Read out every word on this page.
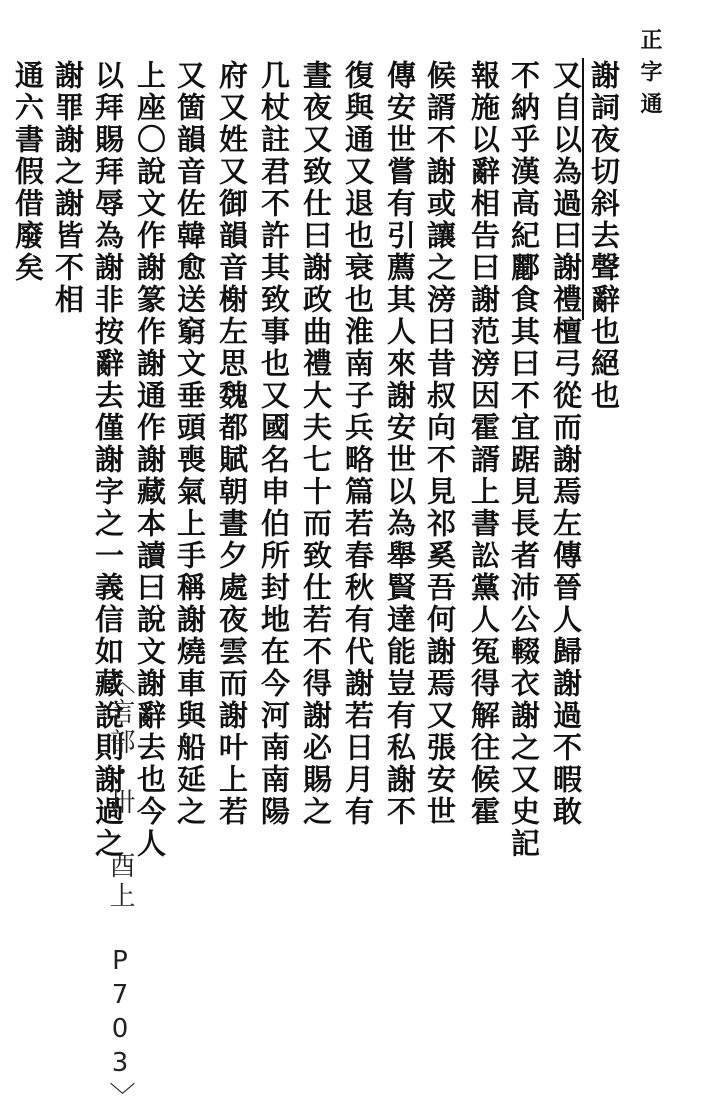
正字通
謝詞夜切斜去聲辭也絕也
又自以為過曰謝禮檀弓從而謝焉左傳晉人歸謝過不暇敢
不納乎漢高紀酈食其曰不宜踞見長者沛公輟衣謝之又史記
報施以辭相告曰謝范滂因霍諝上書訟黨人冤得解往候霍
候諝不謝或讓之滂曰昔叔向不見祁奚吾何謝焉又張安世
傳安世嘗有引薦其人來謝安世以為舉賢達能豈有私謝不
復與通又退也衰也淮南子兵略篇若春秋有代謝若日月有
晝夜又致仕曰謝政曲禮大夫七十而致仕若不得謝必賜之
几杖註君不許其致事也又國名申伯所封地在今河南南陽
府又姓又御韻音榭左思魏都賦朝晝夕處夜雲而謝叶上若
又箇韻音佐韓愈送窮文垂頭喪氣上手稱謝燒車與船延之
上座〇說文作謝篆作謝通作謝藏本讀曰說文謝辭去也今人
以拜賜拜辱為謝非按辭去僅謝字之一義信如藏說則謝過之
謝罪謝之謝皆不相
通六書假借廢矣
〈言部・卅 酉上 P703〉
